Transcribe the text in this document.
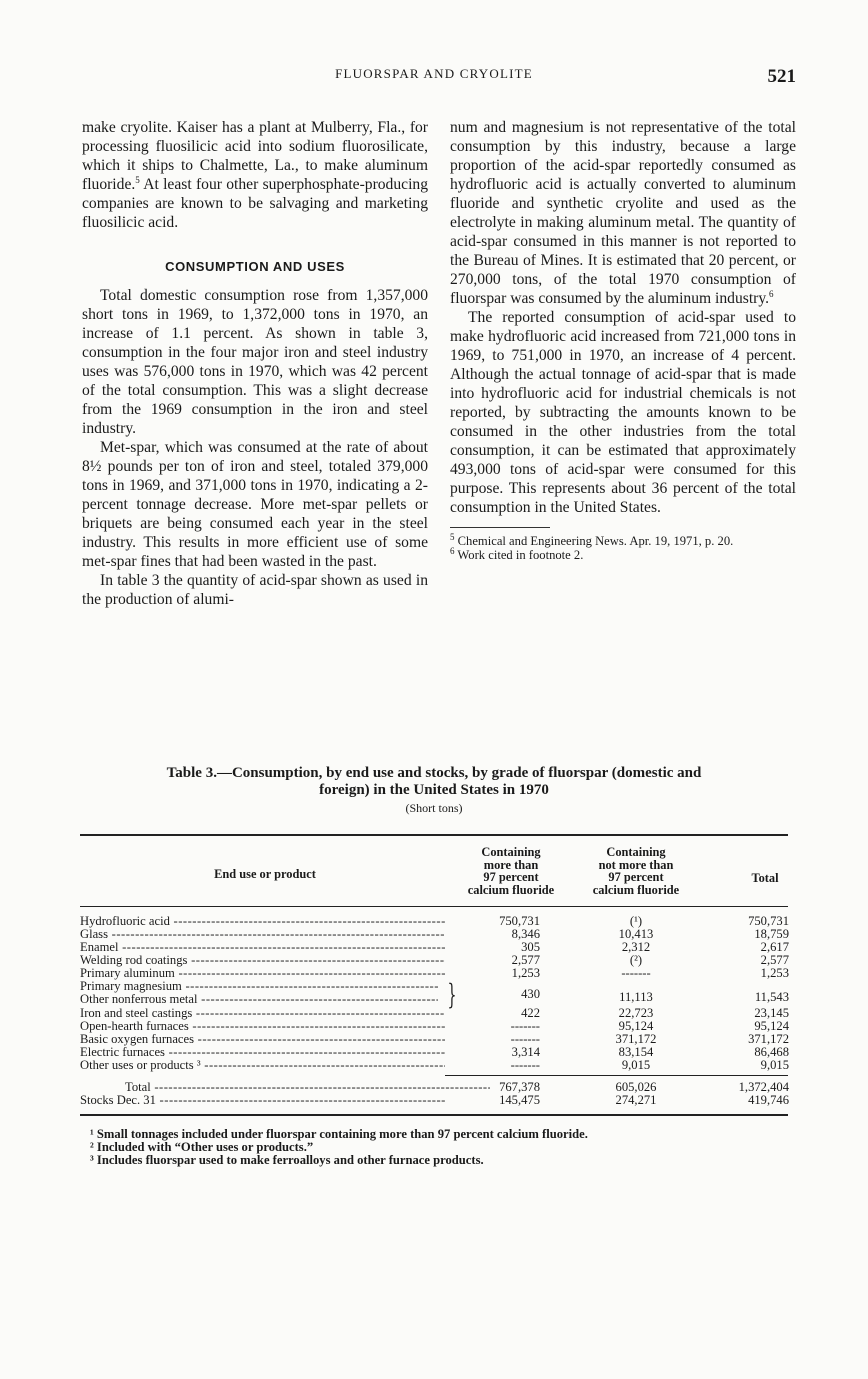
FLUORSPAR AND CRYOLITE	521

make cryolite. Kaiser has a plant at Mulberry, Fla., for processing fluosilicic acid into sodium fluorosilicate, which it ships to Chalmette, La., to make aluminum fluoride.$^5$ At least four other superphosphate-producing companies are known to be salvaging and marketing fluosilicic acid.

CONSUMPTION AND USES

Total domestic consumption rose from 1,357,000 short tons in 1969, to 1,372,000 tons in 1970, an increase of 1.1 percent. As shown in table 3, consumption in the four major iron and steel industry uses was 576,000 tons in 1970, which was 42 percent of the total consumption. This was a slight decrease from the 1969 consumption in the iron and steel industry.

Met-spar, which was consumed at the rate of about 8½ pounds per ton of iron and steel, totaled 379,000 tons in 1969, and 371,000 tons in 1970, indicating a 2-percent tonnage decrease. More met-spar pellets or briquets are being consumed each year in the steel industry. This results in more efficient use of some met-spar fines that had been wasted in the past.

In table 3 the quantity of acid-spar shown as used in the production of alumi-

num and magnesium is not representative of the total consumption by this industry, because a large proportion of the acid-spar reportedly consumed as hydrofluoric acid is actually converted to aluminum fluoride and synthetic cryolite and used as the electrolyte in making aluminum metal. The quantity of acid-spar consumed in this manner is not reported to the Bureau of Mines. It is estimated that 20 percent, or 270,000 tons, of the total 1970 consumption of fluorspar was consumed by the aluminum industry.$^6$

The reported consumption of acid-spar used to make hydrofluoric acid increased from 721,000 tons in 1969, to 751,000 in 1970, an increase of 4 percent. Although the actual tonnage of acid-spar that is made into hydrofluoric acid for industrial chemicals is not reported, by subtracting the amounts known to be consumed in the other industries from the total consumption, it can be estimated that approximately 493,000 tons of acid-spar were consumed for this purpose. This represents about 36 percent of the total consumption in the United States.

$^5$ Chemical and Engineering News. Apr. 19, 1971, p. 20.
$^6$ Work cited in footnote 2.
Table 3.—Consumption, by end use and stocks, by grade of fluorspar (domestic and
foreign) in the United States in 1970
(Short tons)
End use or product
Containing
more than
97 percent
calcium fluoride
Containing
not more than
97 percent
calcium fluoride
Total
Hydrofluoric acid -----	750,731	(¹)	750,731
Glass -----	8,346	10,413	18,759
Enamel -----	305	2,312	2,617
Welding rod coatings -----	2,577	(²)	2,577
Primary aluminum -----	1,253	-------	1,253
Primary magnesium -----
Other nonferrous metal -----	430	11,113	11,543
}
Iron and steel castings -----	422	22,723	23,145
Open-hearth furnaces -----	-------	95,124	95,124
Basic oxygen furnaces -----	-------	371,172	371,172
Electric furnaces -----	3,314	83,154	86,468
Other uses or products ³ -----	-------	9,015	9,015
Total -----	767,378	605,026	1,372,404
Stocks Dec. 31 -----	145,475	274,271	419,746
¹ Small tonnages included under fluorspar containing more than 97 percent calcium fluoride.
² Included with “Other uses or products.”
³ Includes fluorspar used to make ferroalloys and other furnace products.
